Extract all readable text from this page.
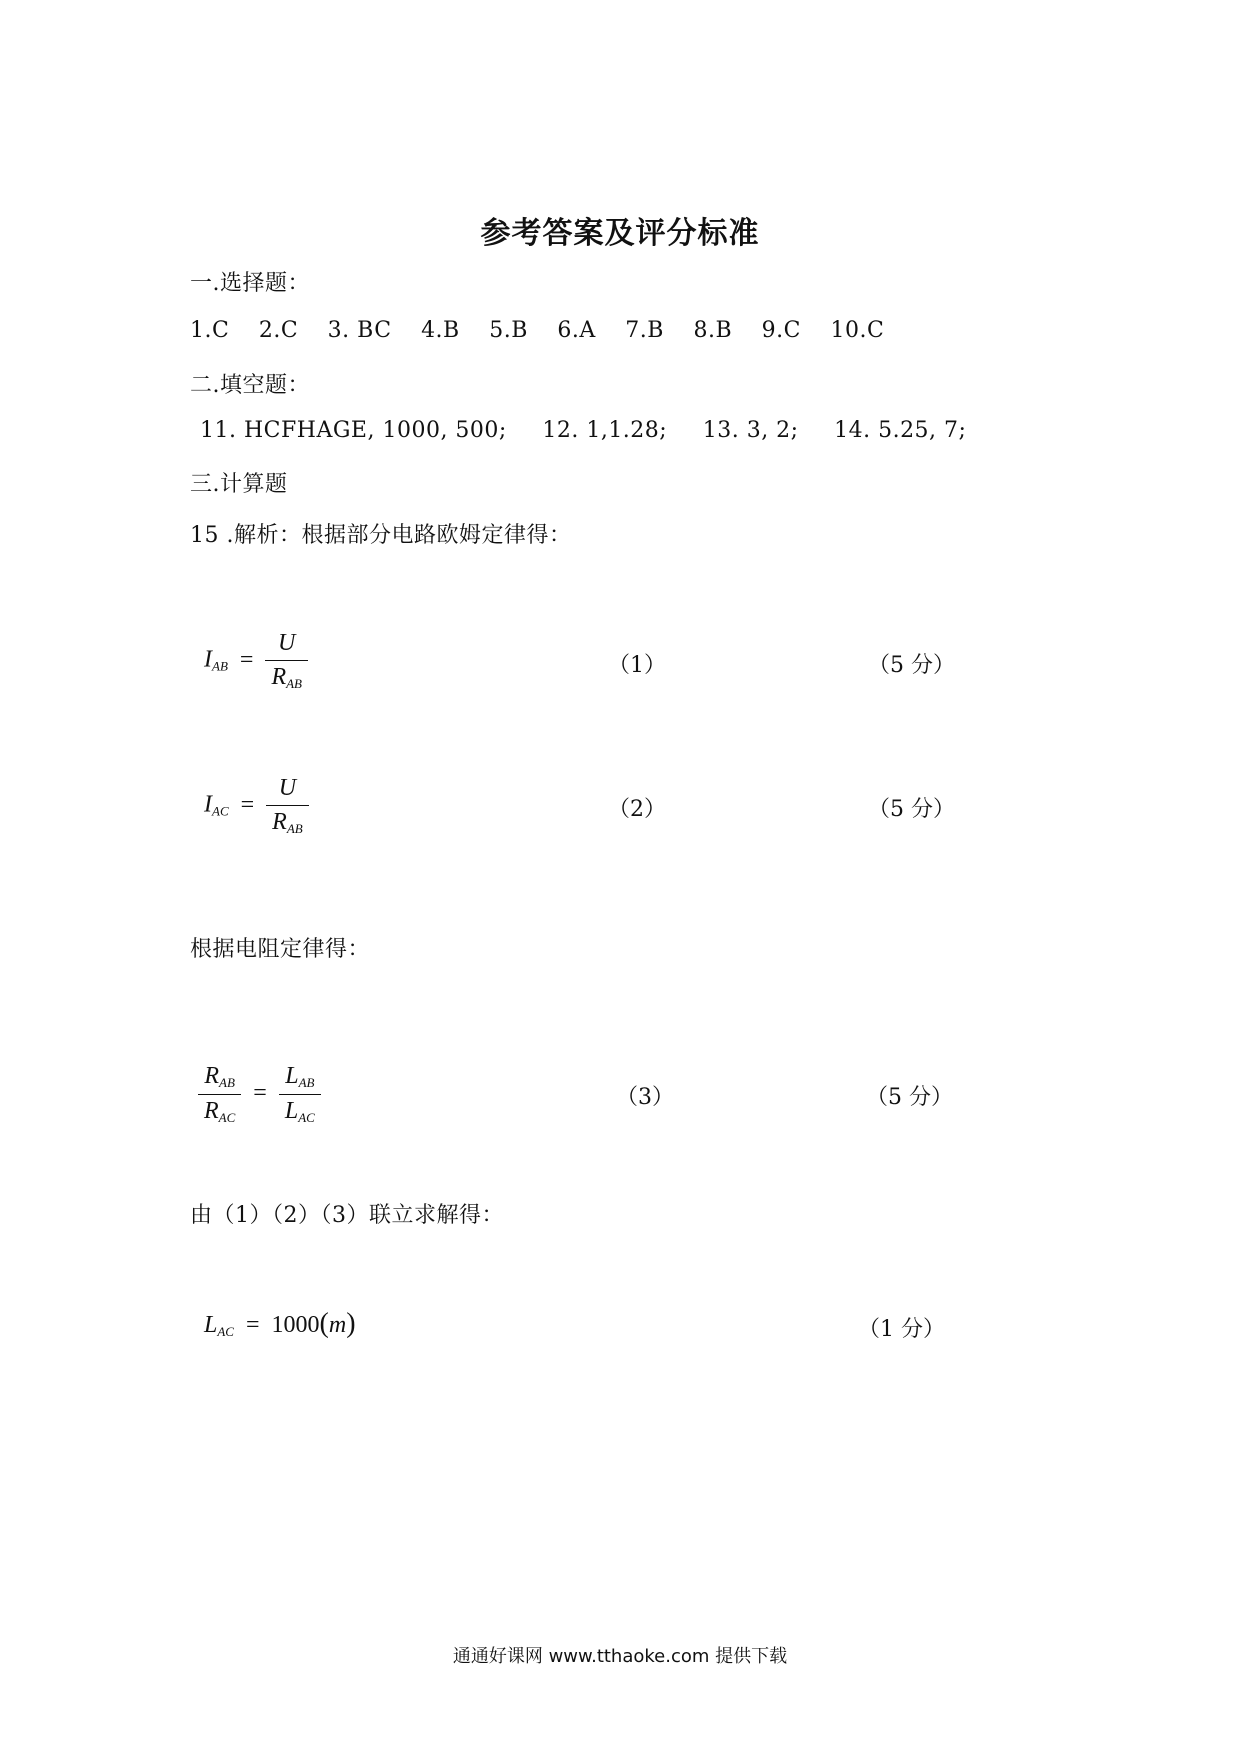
参考答案及评分标准
一.选择题：
1.C 2.C 3. BC 4.B 5.B 6.A 7.B 8.B 9.C 10.C
二.填空题：
11. HCFHAGE, 1000, 500; 12. 1,1.28; 13. 3, 2; 14. 5.25, 7;
三.计算题
15 .解析：根据部分电路欧姆定律得：
$I_{AB} = \frac{U}{R_{AB}}$	（1）	（5 分）
$I_{AC} = \frac{U}{R_{AB}}$	（2）	（5 分）
根据电阻定律得：
$\frac{R_{AB}}{R_{AC}} = \frac{L_{AB}}{L_{AC}}$	（3）	（5 分）
由（1）（2）（3）联立求解得：
$L_{AC} = 1000(m)$	（1 分）
通通好课网 www.tthaoke.com 提供下载
